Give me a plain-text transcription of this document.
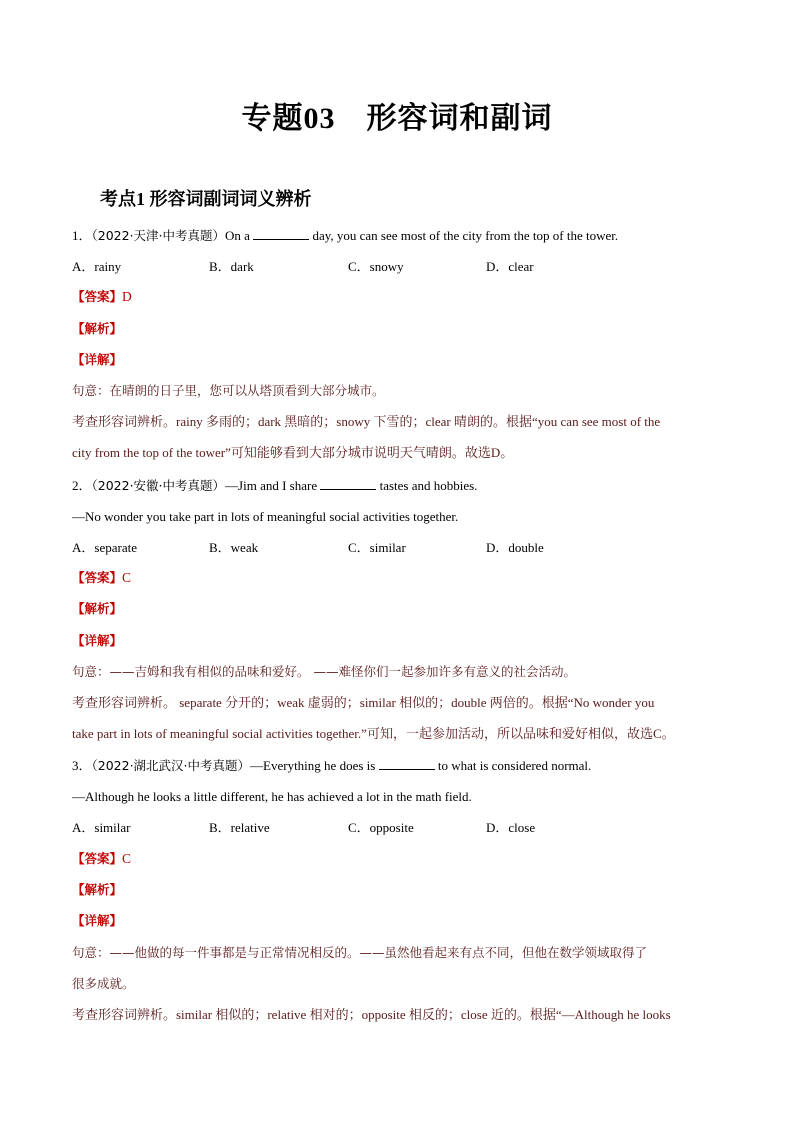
专题03　形容词和副词
考点1 形容词副词词义辨析
1．（2022·天津·中考真题）On a	day, you can see most of the city from the top of the tower.
A．rainy	B．dark	C．snowy	D．clear
【答案】D
【解析】
【详解】
句意：在晴朗的日子里，您可以从塔顶看到大部分城市。
考查形容词辨析。rainy 多雨的；dark 黑暗的；snowy 下雪的；clear 晴朗的。根据“you can see most of the
city from the top of the tower”可知能够看到大部分城市说明天气晴朗。故选D。
2．（2022·安徽·中考真题）—Jim and I share	tastes and hobbies.
—No wonder you take part in lots of meaningful social activities together.
A．separate	B．weak	C．similar	D．double
【答案】C
【解析】
【详解】
句意：——吉姆和我有相似的品味和爱好。 ——难怪你们一起参加许多有意义的社会活动。
考查形容词辨析。 separate 分开的；weak 虚弱的；similar 相似的；double 两倍的。根据“No wonder you
take part in lots of meaningful social activities together.”可知，一起参加活动，所以品味和爱好相似，故选C。
3．（2022·湖北武汉·中考真题）—Everything he does is	to what is considered normal.
—Although he looks a little different, he has achieved a lot in the math field.
A．similar	B．relative	C．opposite	D．close
【答案】C
【解析】
【详解】
句意：——他做的每一件事都是与正常情况相反的。——虽然他看起来有点不同，但他在数学领域取得了
很多成就。
考查形容词辨析。similar 相似的；relative 相对的；opposite 相反的；close 近的。根据“—Although he looks
